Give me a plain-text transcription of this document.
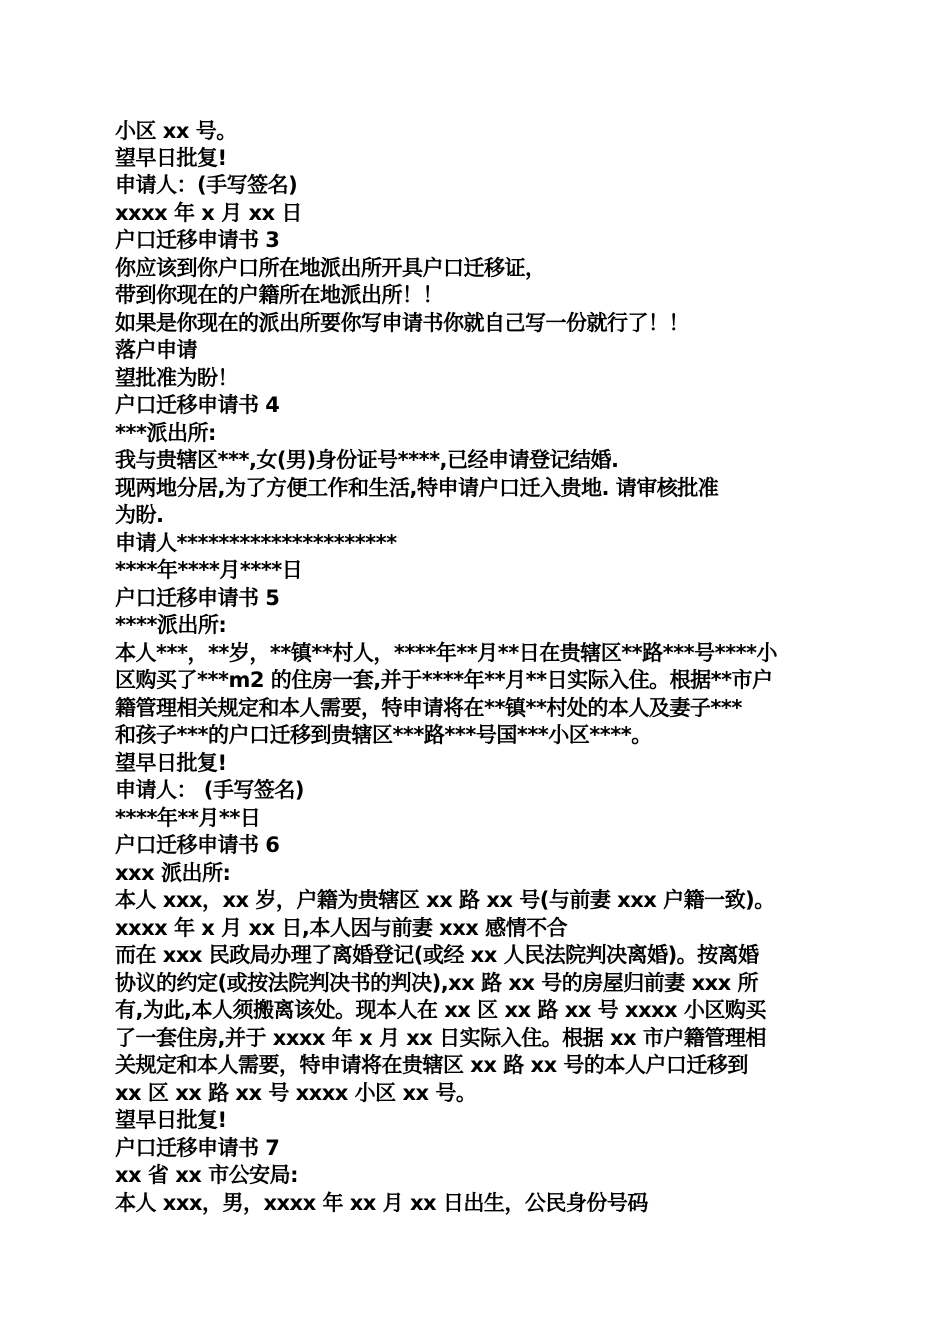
小区 xx 号。
望早日批复!
申请人：(手写签名)
xxxx 年 x 月 xx 日
户口迁移申请书 3
你应该到你户口所在地派出所开具户口迁移证，
带到你现在的户籍所在地派出所！！
如果是你现在的派出所要你写申请书你就自己写一份就行了！！
落户申请
望批准为盼！
户口迁移申请书 4
***派出所:
我与贵辖区***,女(男)身份证号****,已经申请登记结婚.
现两地分居,为了方便工作和生活,特申请户口迁入贵地. 请审核批准
为盼.
申请人*********************
****年****月****日
户口迁移申请书 5
****派出所:
本人***，**岁，**镇**村人，****年**月**日在贵辖区**路***号****小
区购买了***m2 的住房一套,并于****年**月**日实际入住。根据**市户
籍管理相关规定和本人需要，特申请将在**镇**村处的本人及妻子***
和孩子***的户口迁移到贵辖区***路***号国***小区****。
望早日批复!
申请人： (手写签名)
****年**月**日
户口迁移申请书 6
xxx 派出所:
本人 xxx，xx 岁，户籍为贵辖区 xx 路 xx 号(与前妻 xxx 户籍一致)。
xxxx 年 x 月 xx 日,本人因与前妻 xxx 感情不合
而在 xxx 民政局办理了离婚登记(或经 xx 人民法院判决离婚)。按离婚
协议的约定(或按法院判决书的判决),xx 路 xx 号的房屋归前妻 xxx 所
有,为此,本人须搬离该处。现本人在 xx 区 xx 路 xx 号 xxxx 小区购买
了一套住房,并于 xxxx 年 x 月 xx 日实际入住。根据 xx 市户籍管理相
关规定和本人需要，特申请将在贵辖区 xx 路 xx 号的本人户口迁移到
xx 区 xx 路 xx 号 xxxx 小区 xx 号。
望早日批复!
户口迁移申请书 7
xx 省 xx 市公安局:
本人 xxx，男，xxxx 年 xx 月 xx 日出生，公民身份号码
